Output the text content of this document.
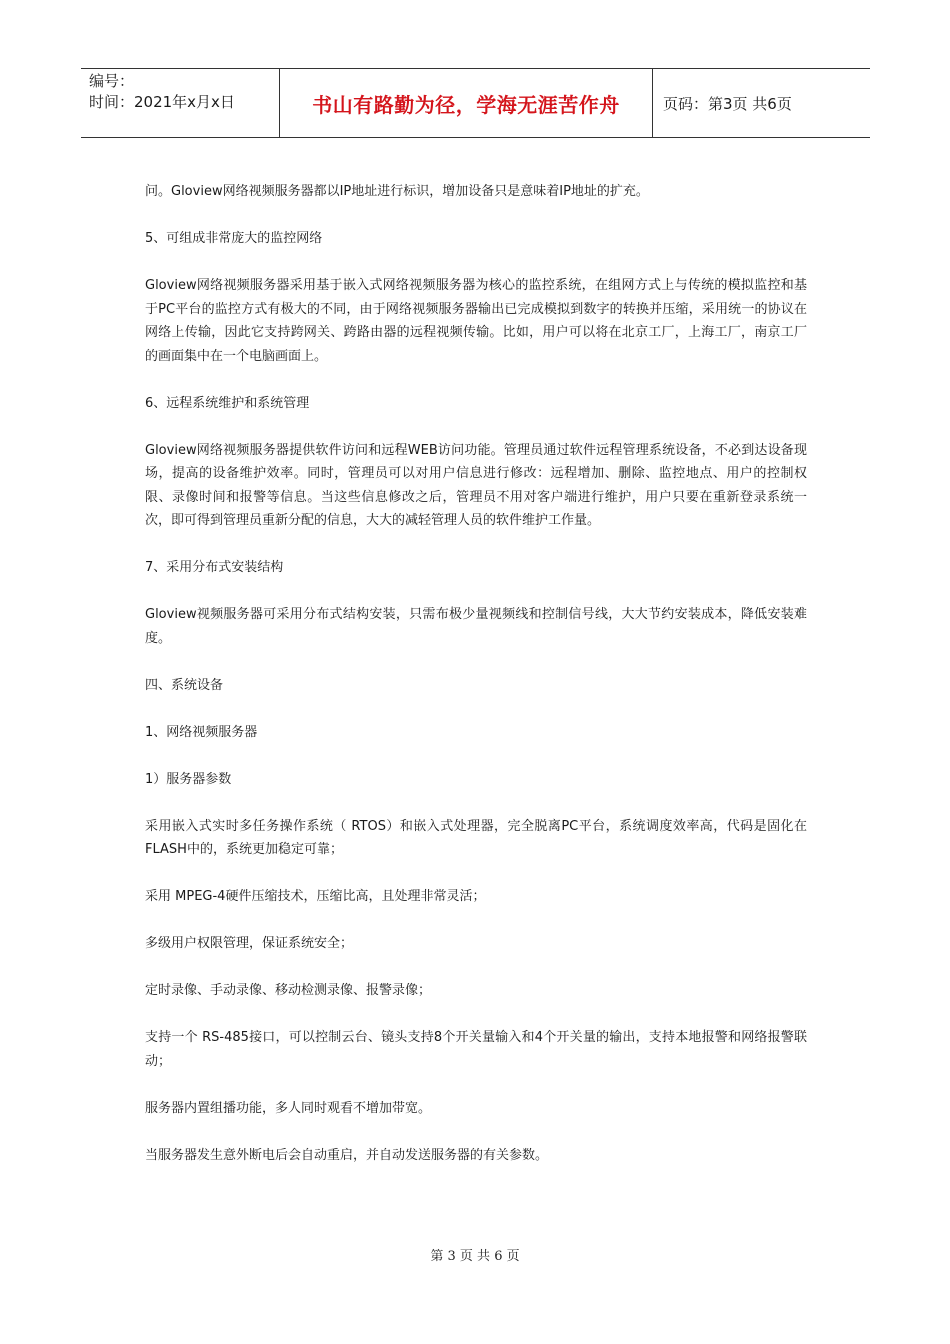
编号：
时间：2021年x月x日	书山有路勤为径，学海无涯苦作舟	页码：第3页 共6页

问。Gloview网络视频服务器都以IP地址进行标识，增加设备只是意味着IP地址的扩充。

5、可组成非常庞大的监控网络

Gloview网络视频服务器采用基于嵌入式网络视频服务器为核心的监控系统，在组网方式上与传统的模拟监控和基于PC平台的监控方式有极大的不同，由于网络视频服务器输出已完成模拟到数字的转换并压缩，采用统一的协议在网络上传输，因此它支持跨网关、跨路由器的远程视频传输。比如，用户可以将在北京工厂，上海工厂，南京工厂的画面集中在一个电脑画面上。

6、远程系统维护和系统管理

Gloview网络视频服务器提供软件访问和远程WEB访问功能。管理员通过软件远程管理系统设备，不必到达设备现场，提高的设备维护效率。同时，管理员可以对用户信息进行修改：远程增加、删除、监控地点、用户的控制权限、录像时间和报警等信息。当这些信息修改之后，管理员不用对客户端进行维护，用户只要在重新登录系统一次，即可得到管理员重新分配的信息，大大的减轻管理人员的软件维护工作量。

7、采用分布式安装结构

Gloview视频服务器可采用分布式结构安装，只需布极少量视频线和控制信号线，大大节约安装成本，降低安装难度。

四、系统设备

1、网络视频服务器

1）服务器参数

采用嵌入式实时多任务操作系统（ RTOS）和嵌入式处理器，完全脱离PC平台，系统调度效率高，代码是固化在FLASH中的，系统更加稳定可靠；

采用 MPEG-4硬件压缩技术，压缩比高，且处理非常灵活；

多级用户权限管理，保证系统安全；

定时录像、手动录像、移动检测录像、报警录像；

支持一个 RS-485接口，可以控制云台、镜头支持8个开关量输入和4个开关量的输出，支持本地报警和网络报警联动；

服务器内置组播功能，多人同时观看不增加带宽。

当服务器发生意外断电后会自动重启，并自动发送服务器的有关参数。

第 3 页 共 6 页
